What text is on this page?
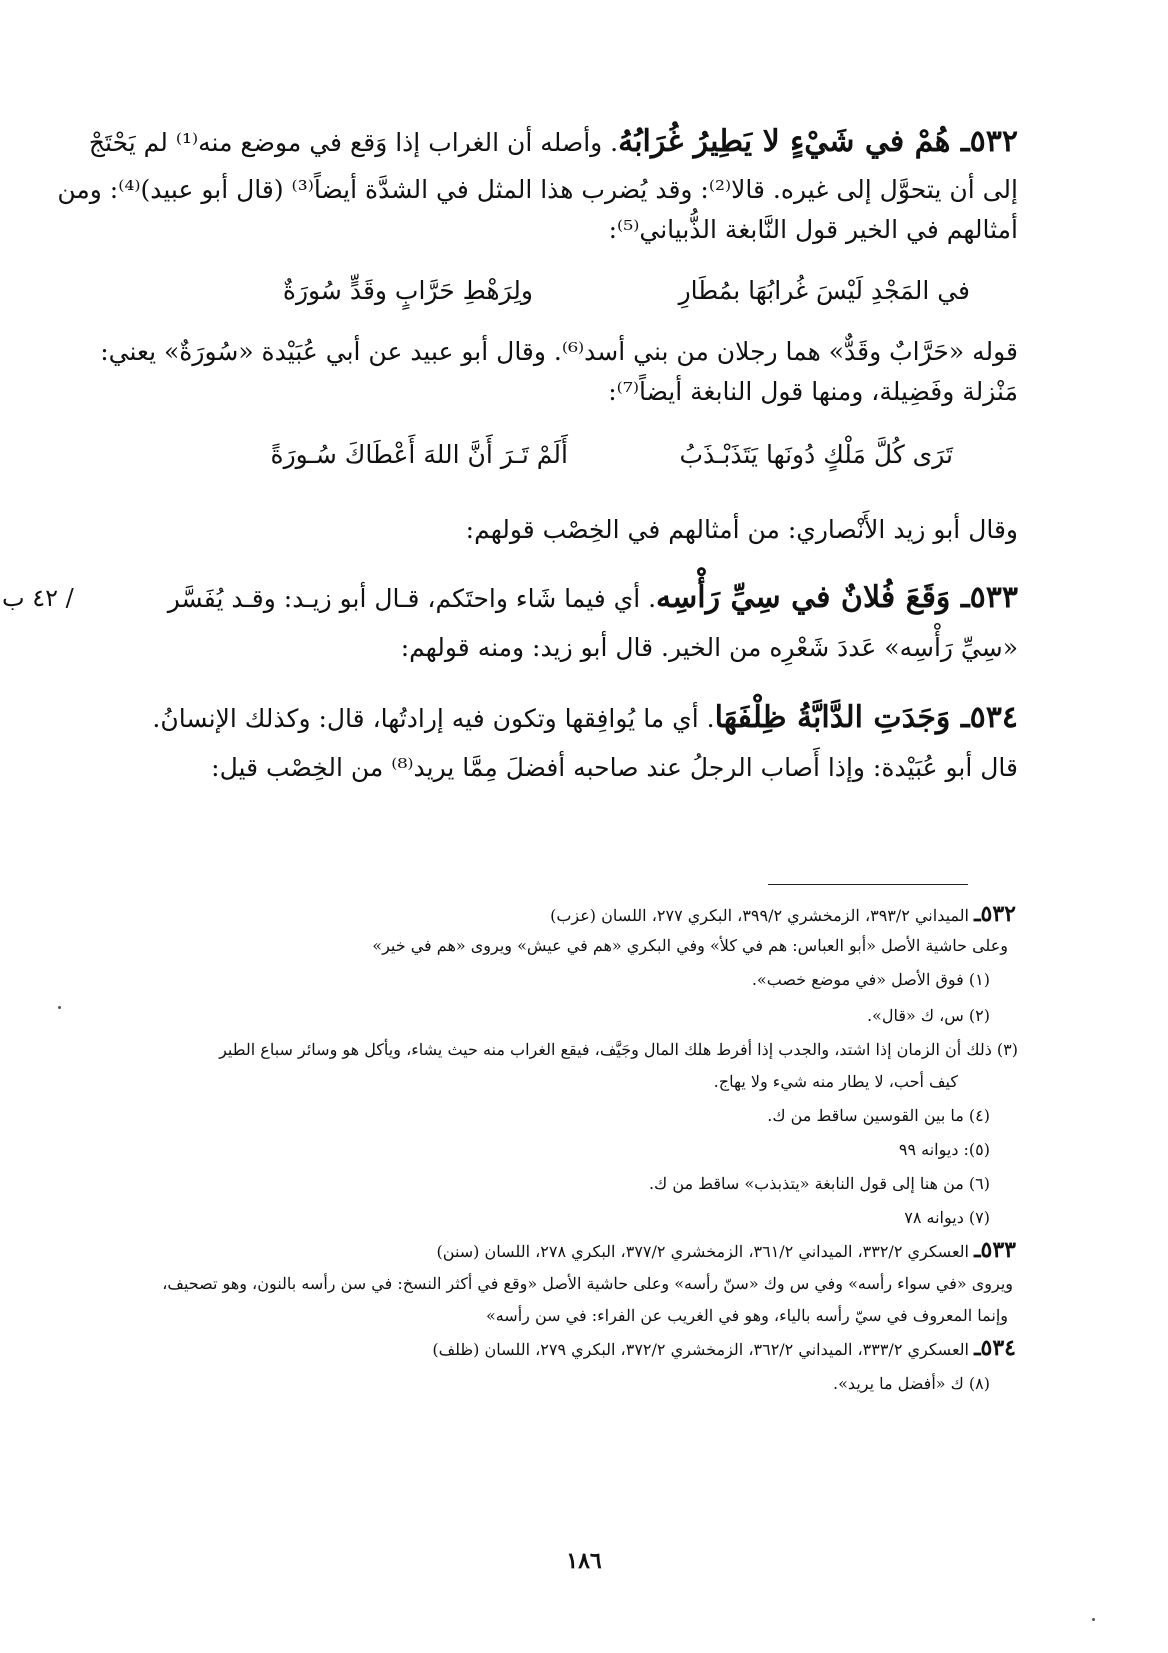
٥٣٢ـ هُمْ في شَيْءٍ لا يَطِيرُ غُرَابُهُ. وأصله أن الغراب إذا وَقع في موضع منه⁽¹⁾ لم يَحْتَجْ
إلى أن يتحوَّل إلى غيره. قالا⁽²⁾: وقد يُضرب هذا المثل في الشدَّة أيضاً⁽³⁾ (قال أبو عبيد)⁽⁴⁾: ومن
أمثالهم في الخير قول النَّابغة الذُّبياني⁽⁵⁾:
ولِرَهْطِ حَرَّابٍ وقَدٍّ سُورَةٌ	في المَجْدِ لَيْسَ غُرابُهَا بمُطَارِ
قوله «حَرَّابٌ وقَدٌّ» هما رجلان من بني أسد⁽⁶⁾. وقال أبو عبيد عن أبي عُبَيْدة «سُورَةٌ» يعني:
مَنْزلة وفَضِيلة، ومنها قول النابغة أيضاً⁽⁷⁾:
أَلَمْ تَـرَ أَنَّ اللهَ أَعْطَاكَ سُـورَةً	تَرَى كُلَّ مَلْكٍ دُونَها يَتَذَبْـذَبُ
وقال أبو زيد الأَنْصاري: من أمثالهم في الخِصْب قولهم:
٥٣٣ـ وَقَعَ فُلانٌ في سِيِّ رَأْسِه. أي فيما شَاء واحتَكم، قـال أبو زيـد: وقـد يُفَسَّر
/ ٤٢ ب
«سِيِّ رَأْسِه» عَددَ شَعْرِه من الخير. قال أبو زيد: ومنه قولهم:
٥٣٤ـ وَجَدَتِ الدَّابَّةُ ظِلْفَهَا. أي ما يُوافِقها وتكون فيه إرادتُها، قال: وكذلك الإنسانُ.
قال أبو عُبَيْدة: وإذا أَصاب الرجلُ عند صاحبه أفضلَ مِمَّا يريد⁽⁸⁾ من الخِصْب قيل:
٥٣٢ـ الميداني ٣٩٣/٢، الزمخشري ٣٩٩/٢، البكري ٢٧٧، اللسان (عزب)
وعلى حاشية الأصل «أبو العباس: هم في كلأ» وفي البكري «هم في عيش» ويروى «هم في خير»
(١) فوق الأصل «في موضع خصب».
(٢) س، ك «قال».
(٣) ذلك أن الزمان إذا اشتد، والجدب إذا أفرط هلك المال وجَيَّف، فيقع الغراب منه حيث يشاء، ويأكل هو وسائر سباع الطير
كيف أحب، لا يطار منه شيء ولا يهاج.
(٤) ما بين القوسين ساقط من ك.
(٥): ديوانه ٩٩
(٦) من هنا إلى قول النابغة «يتذبذب» ساقط من ك.
(٧) ديوانه ٧٨
٥٣٣ـ العسكري ٣٣٢/٢، الميداني ٣٦١/٢، الزمخشري ٣٧٧/٢، البكري ٢٧٨، اللسان (سنن)
ويروى «في سواء رأسه» وفي س وك «سنّ رأسه» وعلى حاشية الأصل «وقع في أكثر النسخ: في سن رأسه بالنون، وهو تصحيف،
وإنما المعروف في سيّ رأسه بالياء، وهو في الغريب عن الفراء: في سن رأسه»
٥٣٤ـ العسكري ٣٣٣/٢، الميداني ٣٦٢/٢، الزمخشري ٣٧٢/٢، البكري ٢٧٩، اللسان (ظلف)
(٨) ك «أفضل ما يريد».
١٨٦
